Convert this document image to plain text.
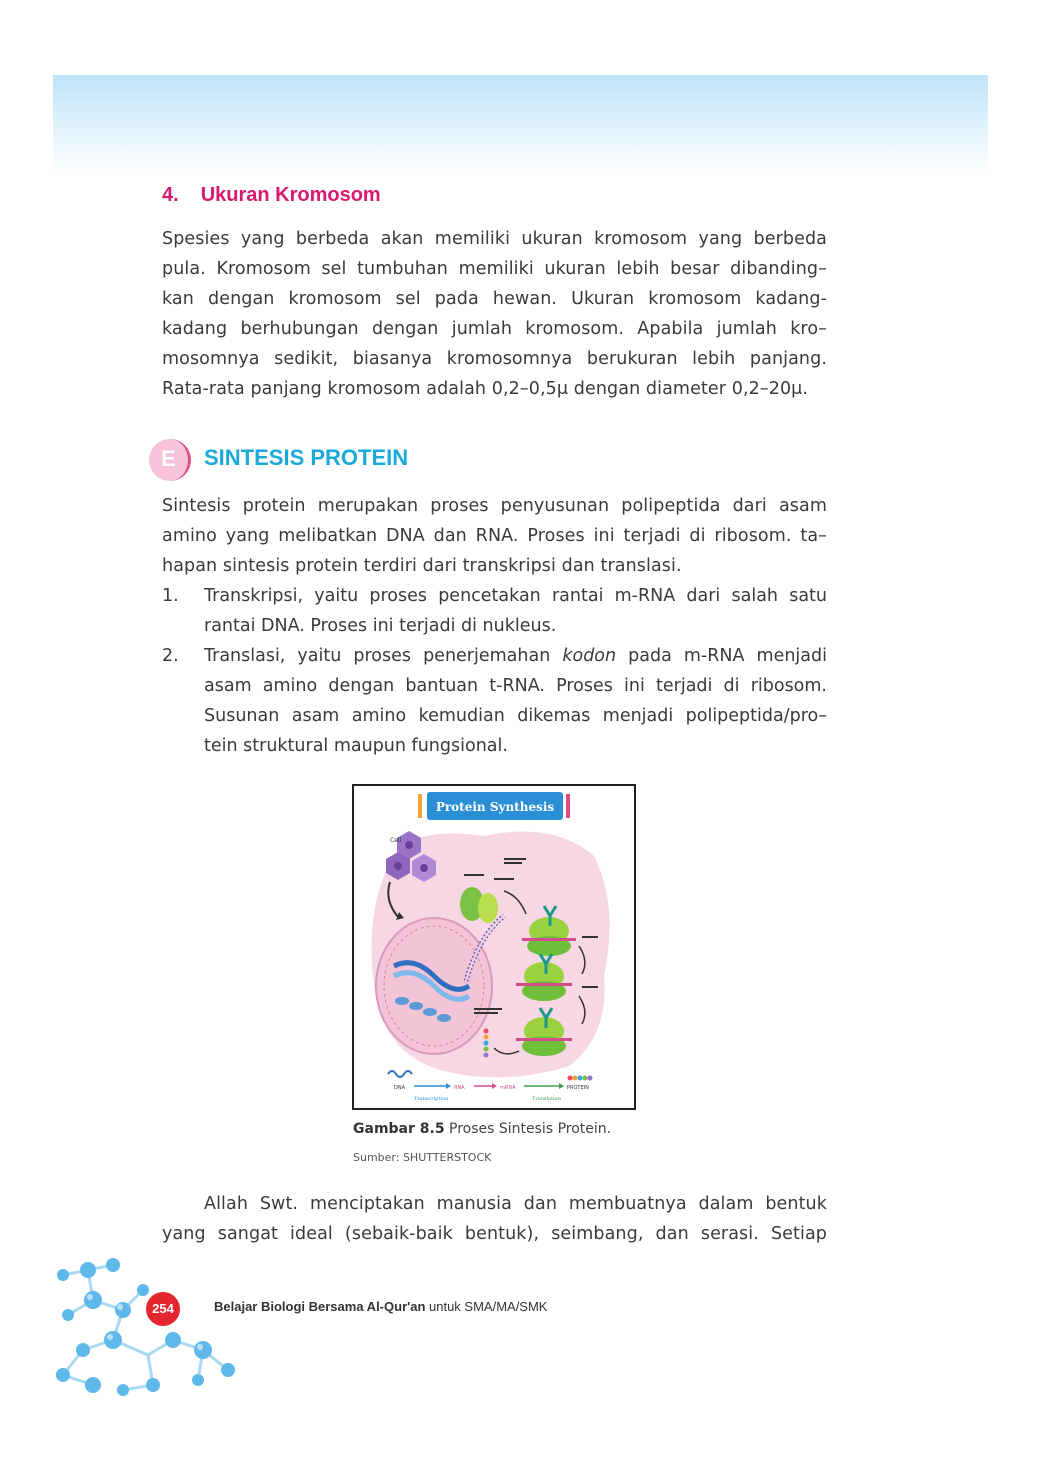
4. Ukuran Kromosom
Spesies yang berbeda akan memiliki ukuran kromosom yang berbeda
pula. Kromosom sel tumbuhan memiliki ukuran lebih besar dibanding–
kan dengan kromosom sel pada hewan. Ukuran kromosom kadang-
kadang berhubungan dengan jumlah kromosom. Apabila jumlah kro–
mosomnya sedikit, biasanya kromosomnya berukuran lebih panjang.
Rata-rata panjang kromosom adalah 0,2–0,5μ dengan diameter 0,2–20μ.
E	SINTESIS PROTEIN
Sintesis protein merupakan proses penyusunan polipeptida dari asam
amino yang melibatkan DNA dan RNA. Proses ini terjadi di ribosom. ta–
hapan sintesis protein terdiri dari transkripsi dan translasi.
1. Transkripsi, yaitu proses pencetakan rantai m-RNA dari salah satu
rantai DNA. Proses ini terjadi di nukleus.
2. Translasi, yaitu proses penerjemahan kodon pada m-RNA menjadi
asam amino dengan bantuan t-RNA. Proses ini terjadi di ribosom.
Susunan asam amino kemudian dikemas menjadi polipeptida/pro–
tein struktural maupun fungsional.
Protein Synthesis
Cell
DNA	RNA	mRNA	PROTEIN
Transcription	Translation
Gambar 8.5 Proses Sintesis Protein.
Sumber: SHUTTERSTOCK
Allah Swt. menciptakan manusia dan membuatnya dalam bentuk
yang sangat ideal (sebaik-baik bentuk), seimbang, dan serasi. Setiap
254	Belajar Biologi Bersama Al-Qur'an untuk SMA/MA/SMK
